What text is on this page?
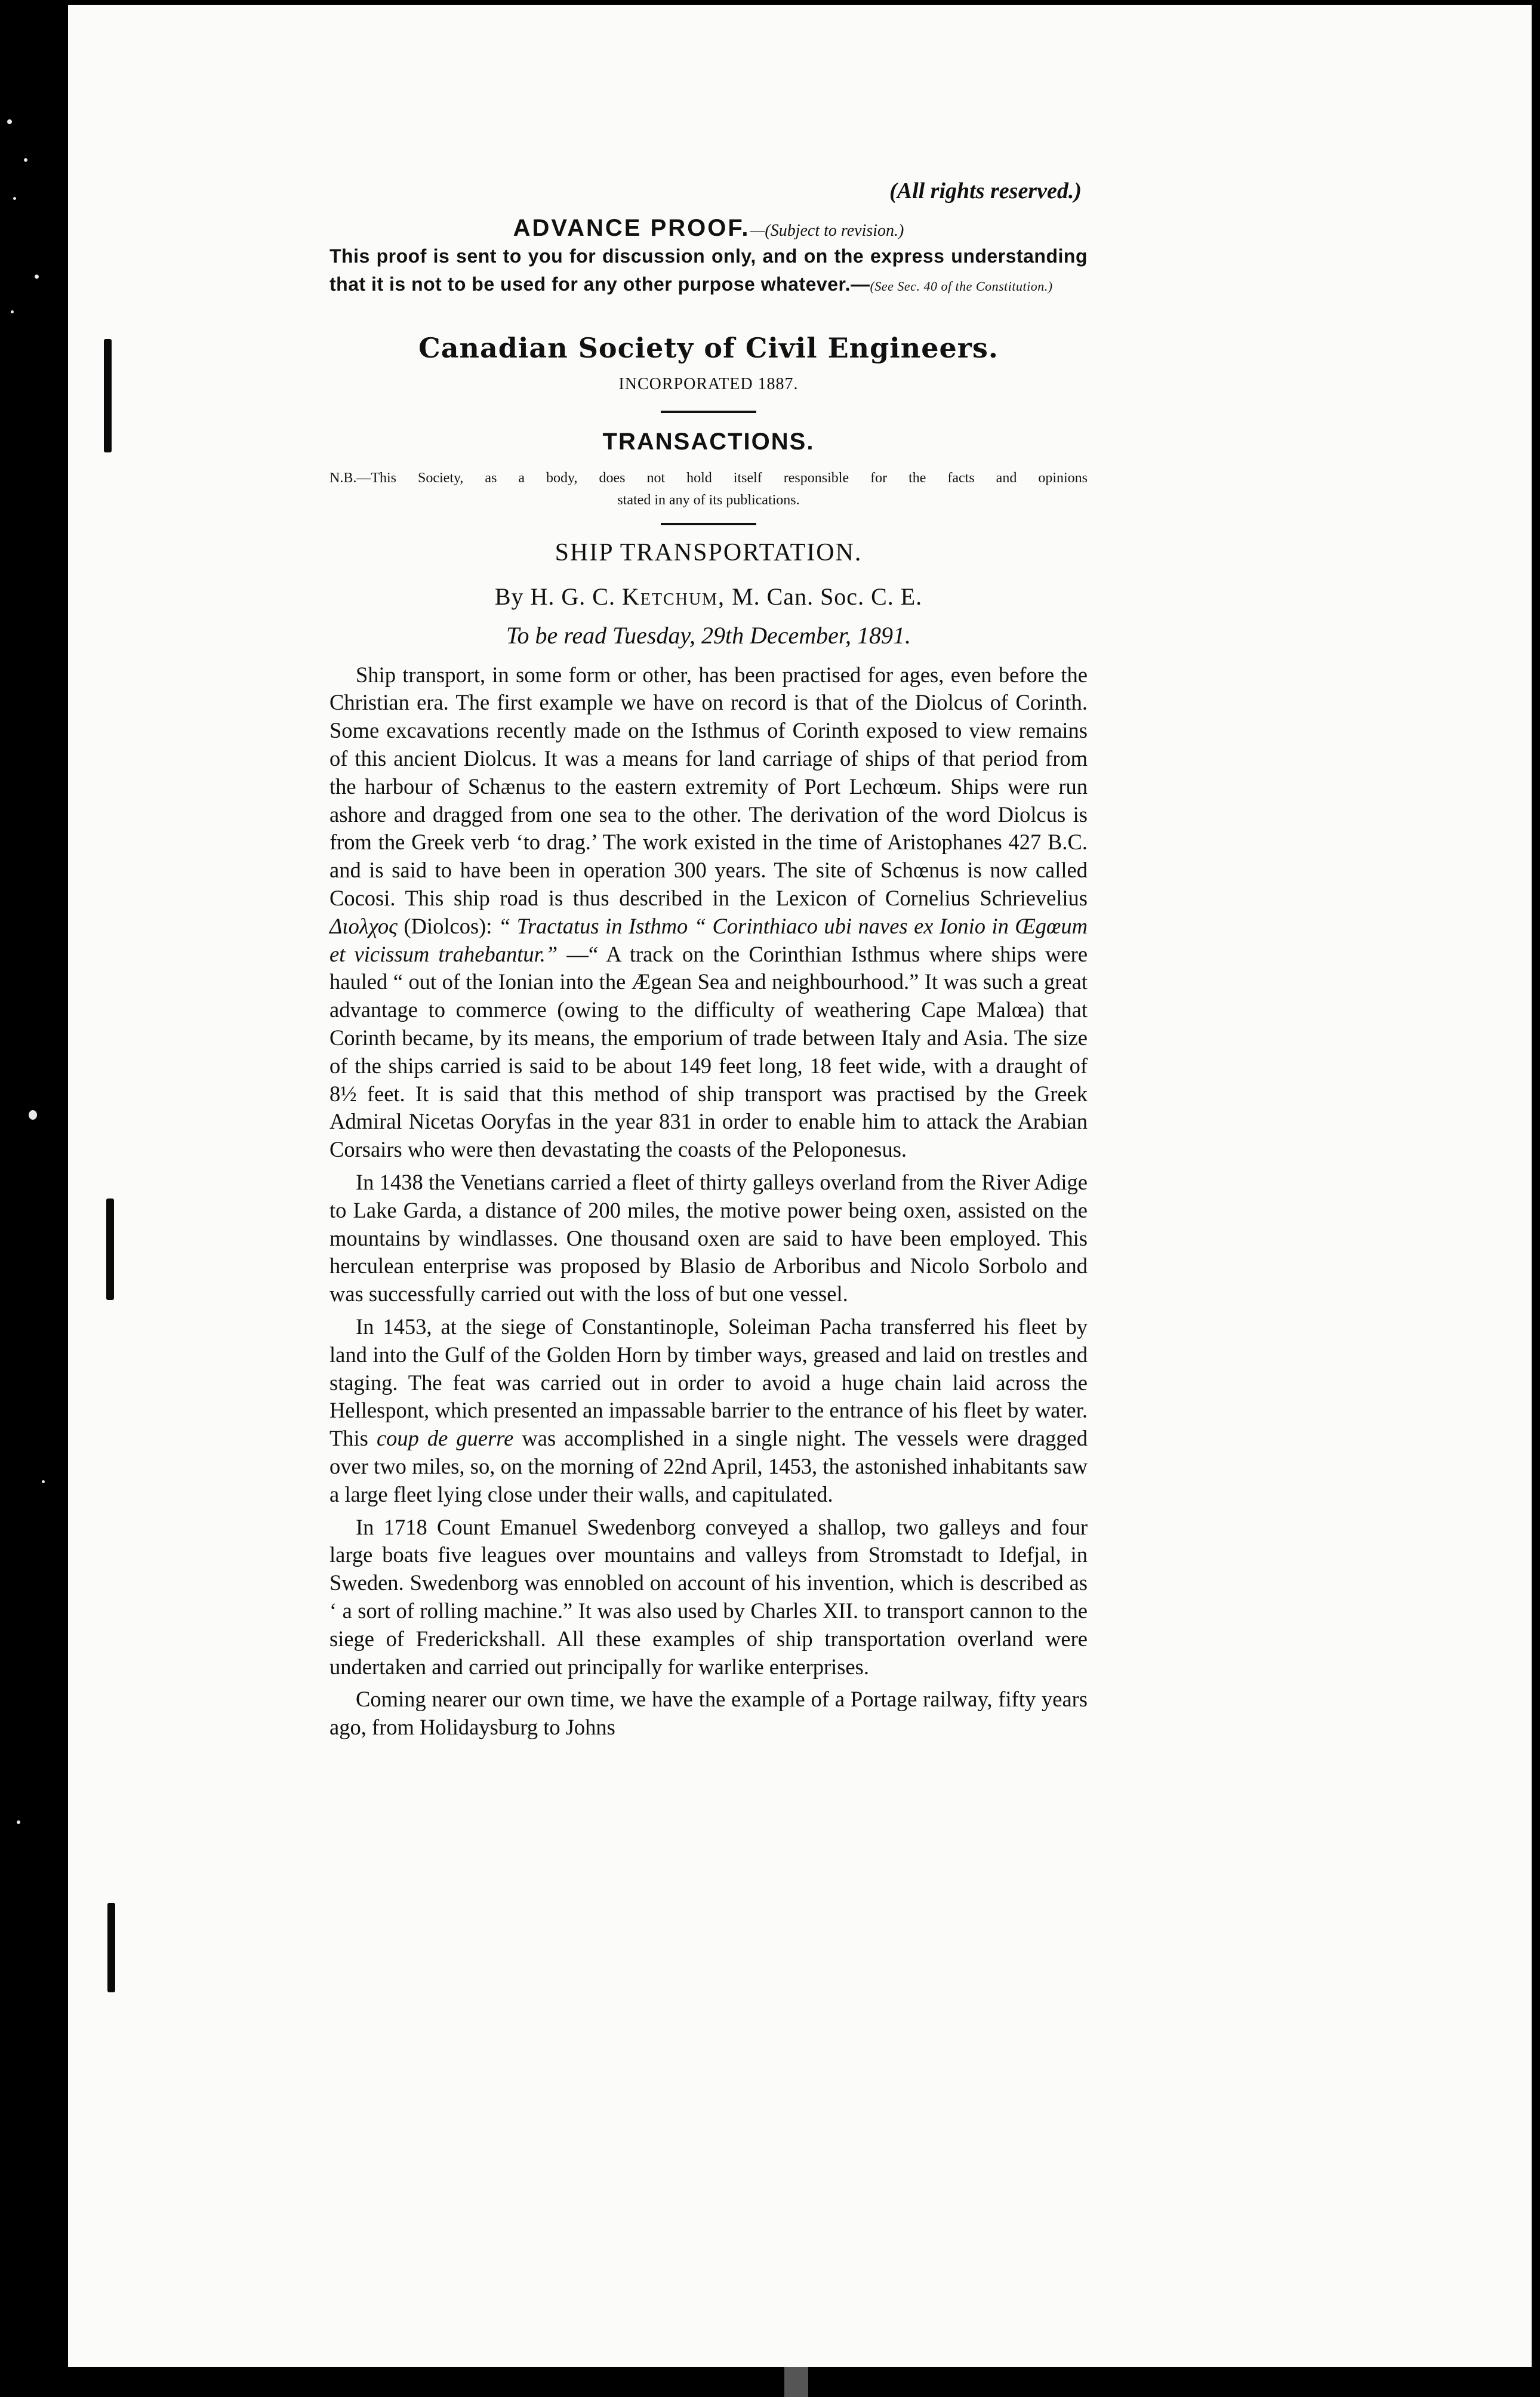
(All rights reserved.)
ADVANCE PROOF.—(Subject to revision.)
This proof is sent to you for discussion only, and on the express understanding that it is not to be used for any other purpose whatever.—(See Sec. 40 of the Constitution.)
Canadian Society of Civil Engineers.
INCORPORATED 1887.
TRANSACTIONS.
N.B.—This Society, as a body, does not hold itself responsible for the facts and opinions
stated in any of its publications.
SHIP TRANSPORTATION.
By H. G. C. Ketchum, M. Can. Soc. C. E.
To be read Tuesday, 29th December, 1891.

Ship transport, in some form or other, has been practised for ages, even before the Christian era. The first example we have on record is that of the Diolcus of Corinth. Some excavations recently made on the Isthmus of Corinth exposed to view remains of this ancient Diolcus. It was a means for land carriage of ships of that period from the harbour of Schænus to the eastern extremity of Port Lechœum. Ships were run ashore and dragged from one sea to the other. The derivation of the word Diolcus is from the Greek verb ‘to drag.’ The work existed in the time of Aristophanes 427 B.C. and is said to have been in operation 300 years. The site of Schœnus is now called Cocosi. This ship road is thus described in the Lexicon of Cornelius Schrievelius Διολχος (Diolcos): “ Tractatus in Isthmo “ Corinthiaco ubi naves ex Ionio in Œgœum et vicissum trahebantur.” —“ A track on the Corinthian Isthmus where ships were hauled “ out of the Ionian into the Ægean Sea and neighbourhood.” It was such a great advantage to commerce (owing to the difficulty of weathering Cape Malœa) that Corinth became, by its means, the emporium of trade between Italy and Asia. The size of the ships carried is said to be about 149 feet long, 18 feet wide, with a draught of 8½ feet. It is said that this method of ship transport was practised by the Greek Admiral Nicetas Ooryfas in the year 831 in order to enable him to attack the Arabian Corsairs who were then devastating the coasts of the Peloponesus.

In 1438 the Venetians carried a fleet of thirty galleys overland from the River Adige to Lake Garda, a distance of 200 miles, the motive power being oxen, assisted on the mountains by windlasses. One thousand oxen are said to have been employed. This herculean enterprise was proposed by Blasio de Arboribus and Nicolo Sorbolo and was successfully carried out with the loss of but one vessel.

In 1453, at the siege of Constantinople, Soleiman Pacha transferred his fleet by land into the Gulf of the Golden Horn by timber ways, greased and laid on trestles and staging. The feat was carried out in order to avoid a huge chain laid across the Hellespont, which presented an impassable barrier to the entrance of his fleet by water. This coup de guerre was accomplished in a single night. The vessels were dragged over two miles, so, on the morning of 22nd April, 1453, the astonished inhabitants saw a large fleet lying close under their walls, and capitulated.

In 1718 Count Emanuel Swedenborg conveyed a shallop, two galleys and four large boats five leagues over mountains and valleys from Stromstadt to Idefjal, in Sweden. Swedenborg was ennobled on account of his invention, which is described as ‘ a sort of rolling machine.” It was also used by Charles XII. to transport cannon to the siege of Frederickshall. All these examples of ship transportation overland were undertaken and carried out principally for warlike enterprises.

Coming nearer our own time, we have the example of a Portage railway, fifty years ago, from Holidaysburg to Johns
